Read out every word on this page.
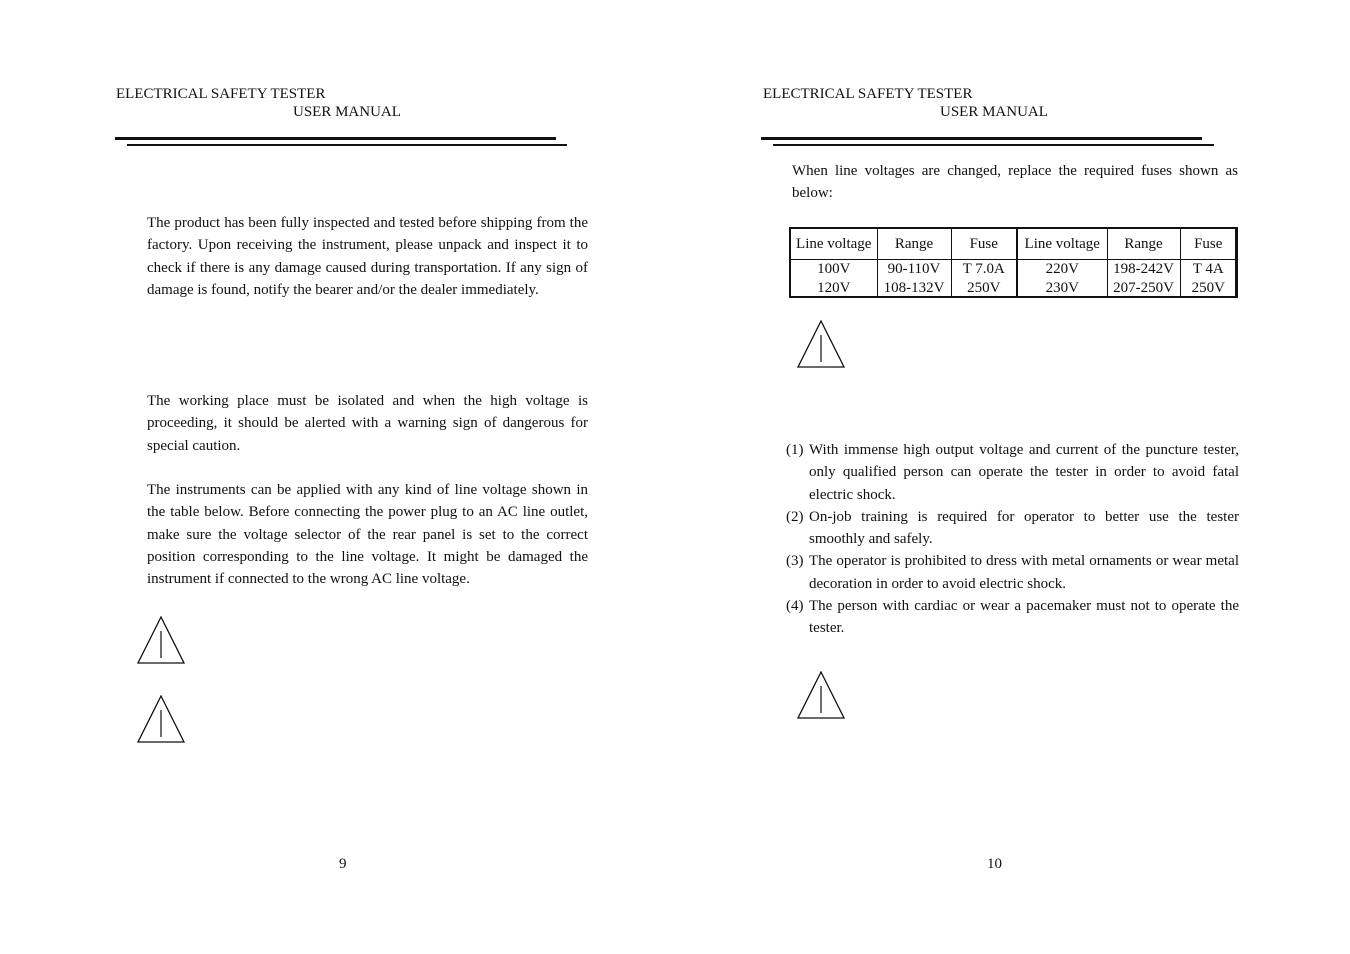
ELECTRICAL SAFETY TESTER
USER MANUAL

The product has been fully inspected and tested before shipping from the factory. Upon receiving the instrument, please unpack and inspect it to check if there is any damage caused during transportation. If any sign of damage is found, notify the bearer and/or the dealer immediately.

The working place must be isolated and when the high voltage is proceeding, it should be alerted with a warning sign of dangerous for special caution.

The instruments can be applied with any kind of line voltage shown in the table below. Before connecting the power plug to an AC line outlet, make sure the voltage selector of the rear panel is set to the correct position corresponding to the line voltage. It might be damaged the instrument if connected to the wrong AC line voltage.

9
ELECTRICAL SAFETY TESTER
USER MANUAL

When line voltages are changed, replace the required fuses shown as below:

Line voltage	Range	Fuse	Line voltage	Range	Fuse
100V	90-110V	T 7.0A	220V	198-242V	T 4A
120V	108-132V	250V	230V	207-250V	250V
(1) With immense high output voltage and current of the puncture tester, only qualified person can operate the tester in order to avoid fatal electric shock.
(2) On-job training is required for operator to better use the tester smoothly and safely.
(3) The operator is prohibited to dress with metal ornaments or wear metal decoration in order to avoid electric shock.
(4) The person with cardiac or wear a pacemaker must not to operate the tester.
10
